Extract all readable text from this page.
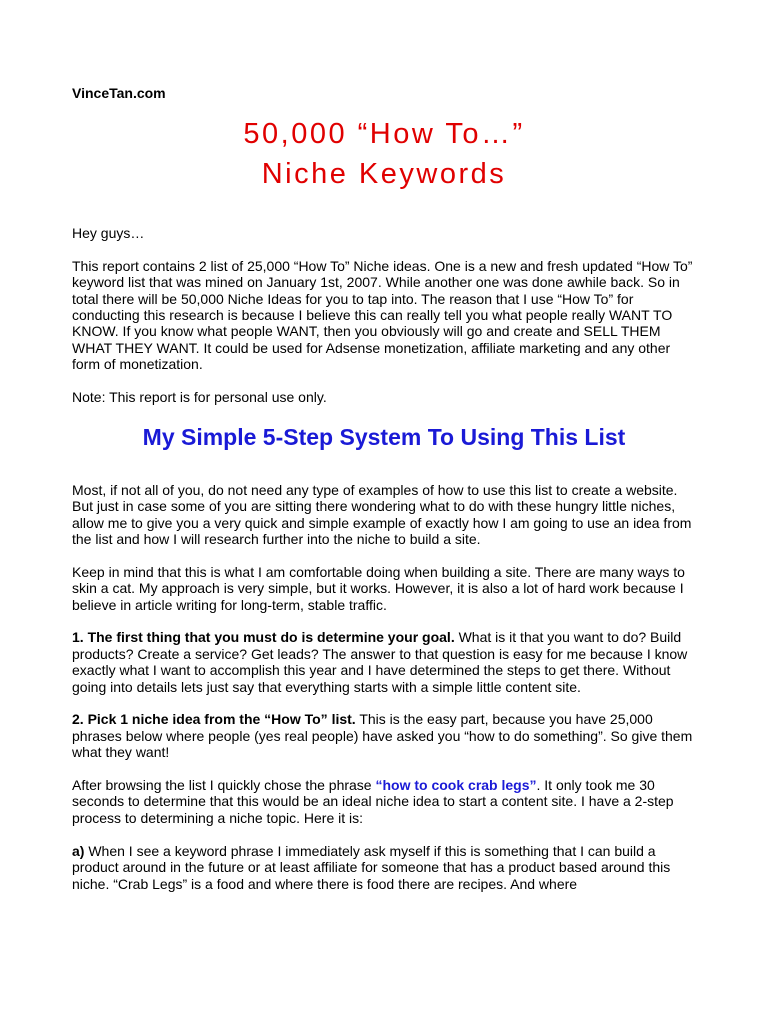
VinceTan.com
50,000 “How To…”
Niche Keywords

Hey guys…

This report contains 2 list of 25,000 “How To” Niche ideas. One is a new and fresh updated “How To” keyword list that was mined on January 1st, 2007. While another one was done awhile back. So in total there will be 50,000 Niche Ideas for you to tap into. The reason that I use “How To” for conducting this research is because I believe this can really tell you what people really WANT TO KNOW. If you know what people WANT, then you obviously will go and create and SELL THEM WHAT THEY WANT. It could be used for Adsense monetization, affiliate marketing and any other form of monetization.

Note: This report is for personal use only.

My Simple 5-Step System To Using This List

Most, if not all of you, do not need any type of examples of how to use this list to create a website. But just in case some of you are sitting there wondering what to do with these hungry little niches, allow me to give you a very quick and simple example of exactly how I am going to use an idea from the list and how I will research further into the niche to build a site.

Keep in mind that this is what I am comfortable doing when building a site. There are many ways to skin a cat. My approach is very simple, but it works. However, it is also a lot of hard work because I believe in article writing for long-term, stable traffic.

1. The first thing that you must do is determine your goal. What is it that you want to do? Build products? Create a service? Get leads? The answer to that question is easy for me because I know exactly what I want to accomplish this year and I have determined the steps to get there. Without going into details lets just say that everything starts with a simple little content site.

2. Pick 1 niche idea from the “How To” list. This is the easy part, because you have 25,000 phrases below where people (yes real people) have asked you “how to do something”. So give them what they want!

After browsing the list I quickly chose the phrase “how to cook crab legs”. It only took me 30 seconds to determine that this would be an ideal niche idea to start a content site. I have a 2-step process to determining a niche topic. Here it is:

a) When I see a keyword phrase I immediately ask myself if this is something that I can build a product around in the future or at least affiliate for someone that has a product based around this niche. “Crab Legs” is a food and where there is food there are recipes. And where
